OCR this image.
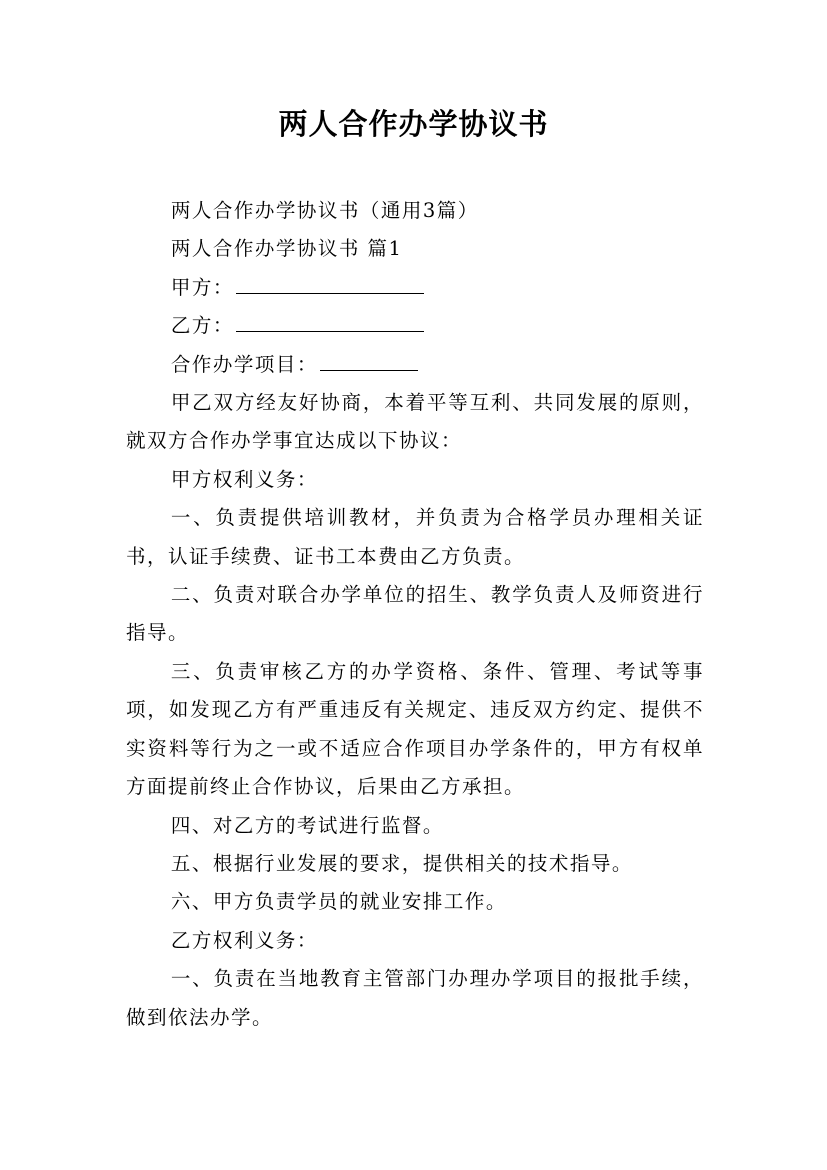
两人合作办学协议书

两人合作办学协议书（通用3篇）

两人合作办学协议书 篇1

甲方：

乙方：

合作办学项目：

甲乙双方经友好协商，本着平等互利、共同发展的原则，就双方合作办学事宜达成以下协议：

甲方权利义务：

一、负责提供培训教材，并负责为合格学员办理相关证书，认证手续费、证书工本费由乙方负责。

二、负责对联合办学单位的招生、教学负责人及师资进行指导。

三、负责审核乙方的办学资格、条件、管理、考试等事项，如发现乙方有严重违反有关规定、违反双方约定、提供不实资料等行为之一或不适应合作项目办学条件的，甲方有权单方面提前终止合作协议，后果由乙方承担。

四、对乙方的考试进行监督。

五、根据行业发展的要求，提供相关的技术指导。

六、甲方负责学员的就业安排工作。

乙方权利义务：

一、负责在当地教育主管部门办理办学项目的报批手续，做到依法办学。
